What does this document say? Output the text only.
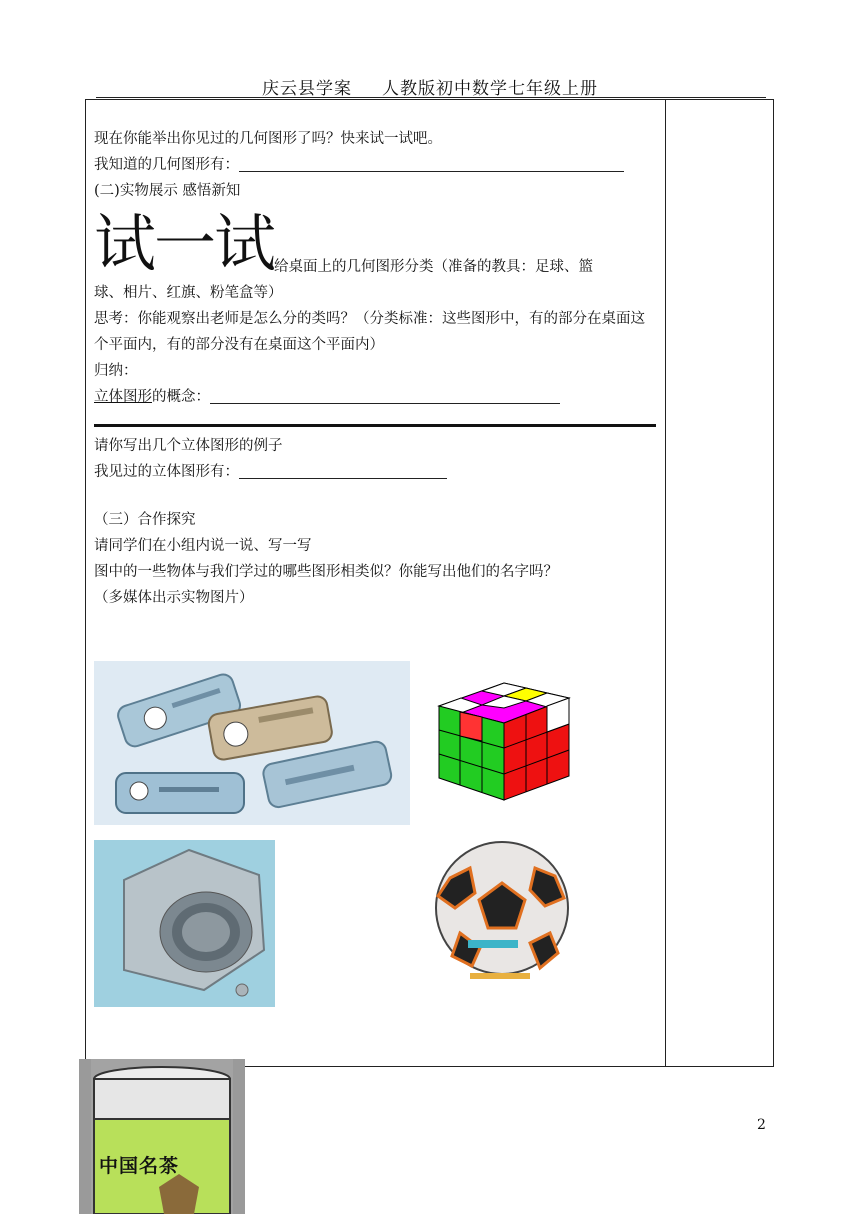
庆云县学案 人教版初中数学七年级上册
现在你能举出你见过的几何图形了吗？快来试一试吧。
我知道的几何图形有：
(二)实物展示 感悟新知
试一试给桌面上的几何图形分类（准备的教具：足球、篮
球、相片、红旗、粉笔盒等）
思考：你能观察出老师是怎么分的类吗？（分类标准：这些图形中，有的部分在桌面这个平面内，有的部分没有在桌面这个平面内）
归纳：
立体图形的概念：
请你写出几个立体图形的例子
我见过的立体图形有：
（三）合作探究
请同学们在小组内说一说、写一写
图中的一些物体与我们学过的哪些图形相类似？你能写出他们的名字吗？
（多媒体出示实物图片）
中国名茶
2
